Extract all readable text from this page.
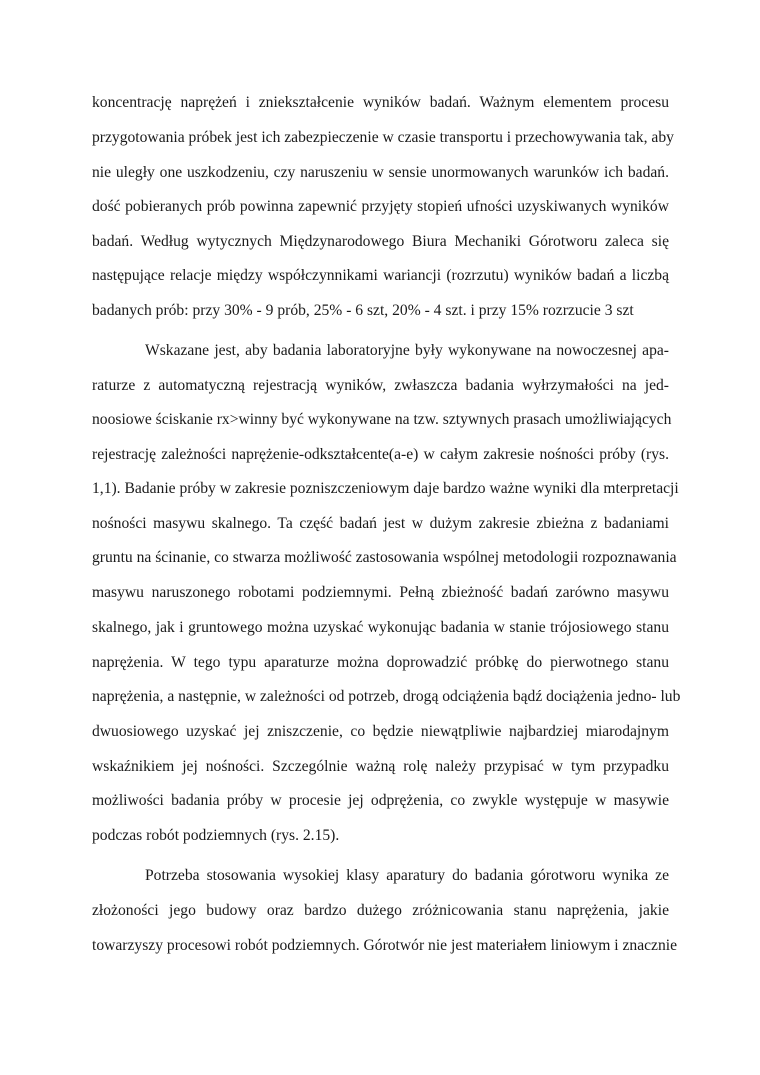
koncentrację naprężeń i zniekształcenie wyników badań. Ważnym elementem procesu
przygotowania próbek jest ich zabezpieczenie w czasie transportu i przechowywania tak, aby
nie uległy one uszkodzeniu, czy naruszeniu w sensie unormowanych warunków ich badań.
dość pobieranych prób powinna zapewnić przyjęty stopień ufności uzyskiwanych wyników
badań. Według wytycznych Międzynarodowego Biura Mechaniki Górotworu zaleca się
następujące relacje między współczynnikami wariancji (rozrzutu) wyników badań a liczbą
badanych prób: przy 30% - 9 prób, 25% - 6 szt, 20% - 4 szt. i przy 15% rozrzucie 3 szt
Wskazane jest, aby badania laboratoryjne były wykonywane na nowoczesnej apa-
raturze z automatyczną rejestracją wyników, zwłaszcza badania wyłrzymałości na jed-
noosiowe ściskanie rx>winny być wykonywane na tzw. sztywnych prasach umożliwiających
rejestrację zależności naprężenie-odkształcente(a-e) w całym zakresie nośności próby (rys.
1,1). Badanie próby w zakresie pozniszczeniowym daje bardzo ważne wyniki dla mterpretacji
nośności masywu skalnego. Ta część badań jest w dużym zakresie zbieżna z badaniami
gruntu na ścinanie, co stwarza możliwość zastosowania wspólnej metodologii rozpoznawania
masywu naruszonego robotami podziemnymi. Pełną zbieżność badań zarówno masywu
skalnego, jak i gruntowego można uzyskać wykonując badania w stanie trójosiowego stanu
naprężenia. W tego typu aparaturze można doprowadzić próbkę do pierwotnego stanu
naprężenia, a następnie, w zależności od potrzeb, drogą odciążenia bądź dociążenia jedno- lub
dwuosiowego uzyskać jej zniszczenie, co będzie niewątpliwie najbardziej miarodajnym
wskaźnikiem jej nośności. Szczególnie ważną rolę należy przypisać w tym przypadku
możliwości badania próby w procesie jej odprężenia, co zwykle występuje w masywie
podczas robót podziemnych (rys. 2.15).
Potrzeba stosowania wysokiej klasy aparatury do badania górotworu wynika ze
złożoności jego budowy oraz bardzo dużego zróżnicowania stanu naprężenia, jakie
towarzyszy procesowi robót podziemnych. Górotwór nie jest materiałem liniowym i znacznie
